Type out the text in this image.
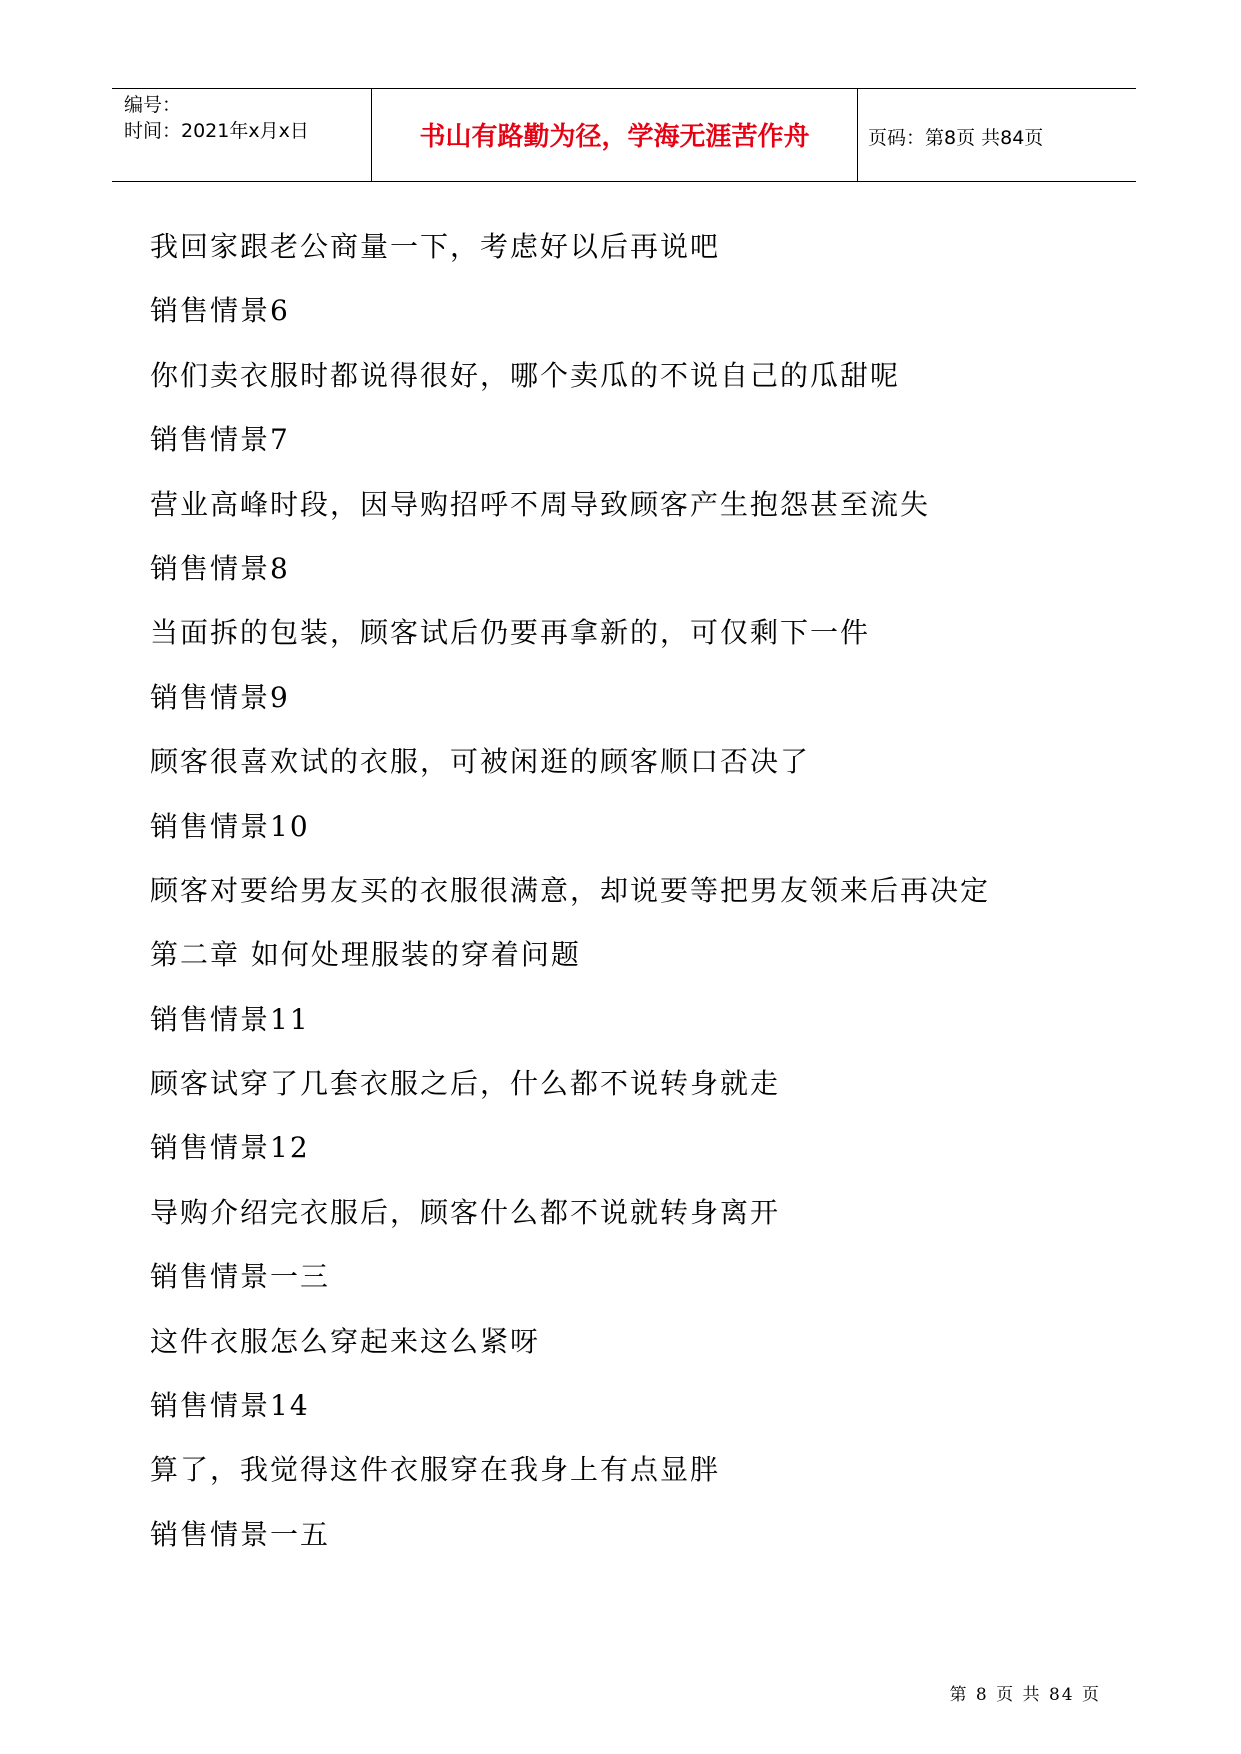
编号：
时间：2021年x月x日	书山有路勤为径，学海无涯苦作舟	页码：第8页 共84页
我回家跟老公商量一下，考虑好以后再说吧
销售情景6
你们卖衣服时都说得很好，哪个卖瓜的不说自己的瓜甜呢
销售情景7
营业高峰时段，因导购招呼不周导致顾客产生抱怨甚至流失
销售情景8
当面拆的包装，顾客试后仍要再拿新的，可仅剩下一件
销售情景9
顾客很喜欢试的衣服，可被闲逛的顾客顺口否决了
销售情景10
顾客对要给男友买的衣服很满意，却说要等把男友领来后再决定
第二章 如何处理服装的穿着问题
销售情景11
顾客试穿了几套衣服之后，什么都不说转身就走
销售情景12
导购介绍完衣服后，顾客什么都不说就转身离开
销售情景一三
这件衣服怎么穿起来这么紧呀
销售情景14
算了，我觉得这件衣服穿在我身上有点显胖
销售情景一五
第 8 页 共 84 页
